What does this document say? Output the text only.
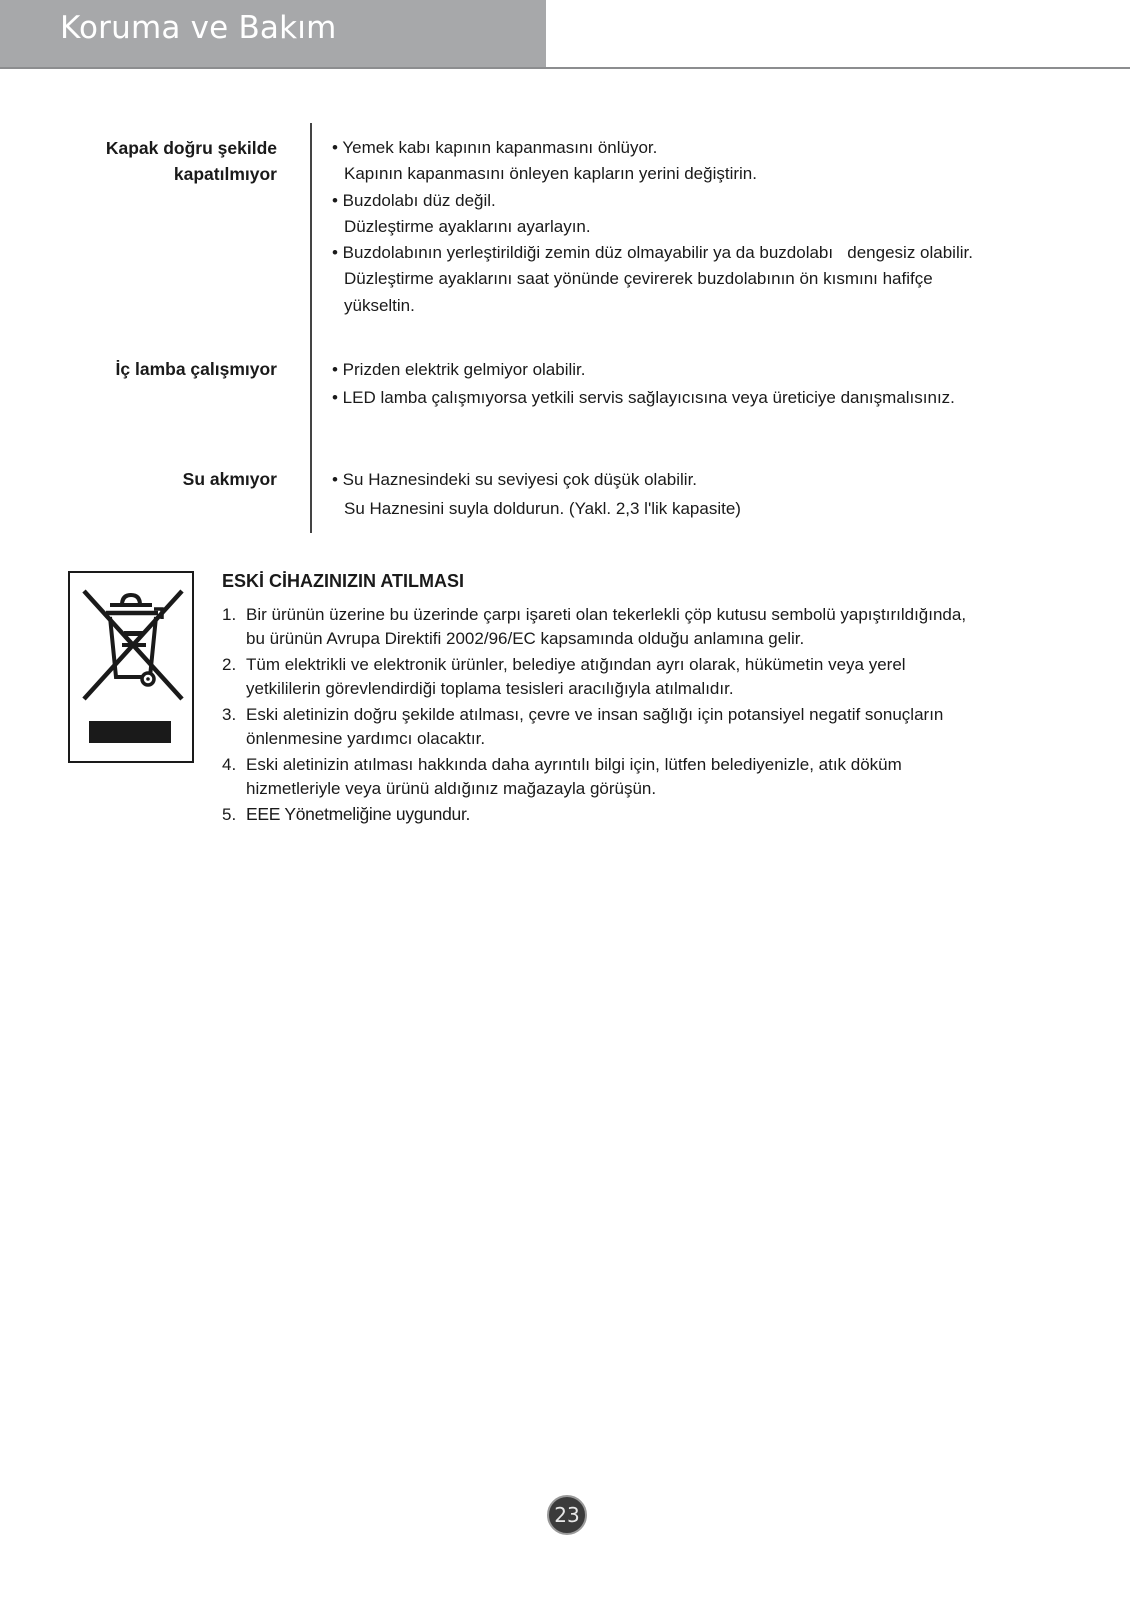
Koruma ve Bakım
Kapak doğru şekilde
kapatılmıyor
• Yemek kabı kapının kapanmasını önlüyor.
Kapının kapanmasını önleyen kapların yerini değiştirin.
• Buzdolabı düz değil.
Düzleştirme ayaklarını ayarlayın.
• Buzdolabının yerleştirildiği zemin düz olmayabilir ya da buzdolabı   dengesiz olabilir.
Düzleştirme ayaklarını saat yönünde çevirerek buzdolabının ön kısmını hafifçe
yükseltin.
İç lamba çalışmıyor	• Prizden elektrik gelmiyor olabilir.
• LED lamba çalışmıyorsa yetkili servis sağlayıcısına veya üreticiye danışmalısınız.
Su akmıyor	• Su Haznesindeki su seviyesi çok düşük olabilir.
Su Haznesini suyla doldurun. (Yakl. 2,3 l'lik kapasite)
ESKİ CİHAZINIZIN ATILMASI
1. Bir ürünün üzerine bu üzerinde çarpı işareti olan tekerlekli çöp kutusu sembolü yapıştırıldığında,
bu ürünün Avrupa Direktifi 2002/96/EC kapsamında olduğu anlamına gelir.
2. Tüm elektrikli ve elektronik ürünler, belediye atığından ayrı olarak, hükümetin veya yerel
yetkililerin görevlendirdiği toplama tesisleri aracılığıyla atılmalıdır.
3. Eski aletinizin doğru şekilde atılması, çevre ve insan sağlığı için potansiyel negatif sonuçların
önlenmesine yardımcı olacaktır.
4. Eski aletinizin atılması hakkında daha ayrıntılı bilgi için, lütfen belediyenizle, atık döküm
hizmetleriyle veya ürünü aldığınız mağazayla görüşün.
5. EEE Yönetmeliğine uygundur.
23
